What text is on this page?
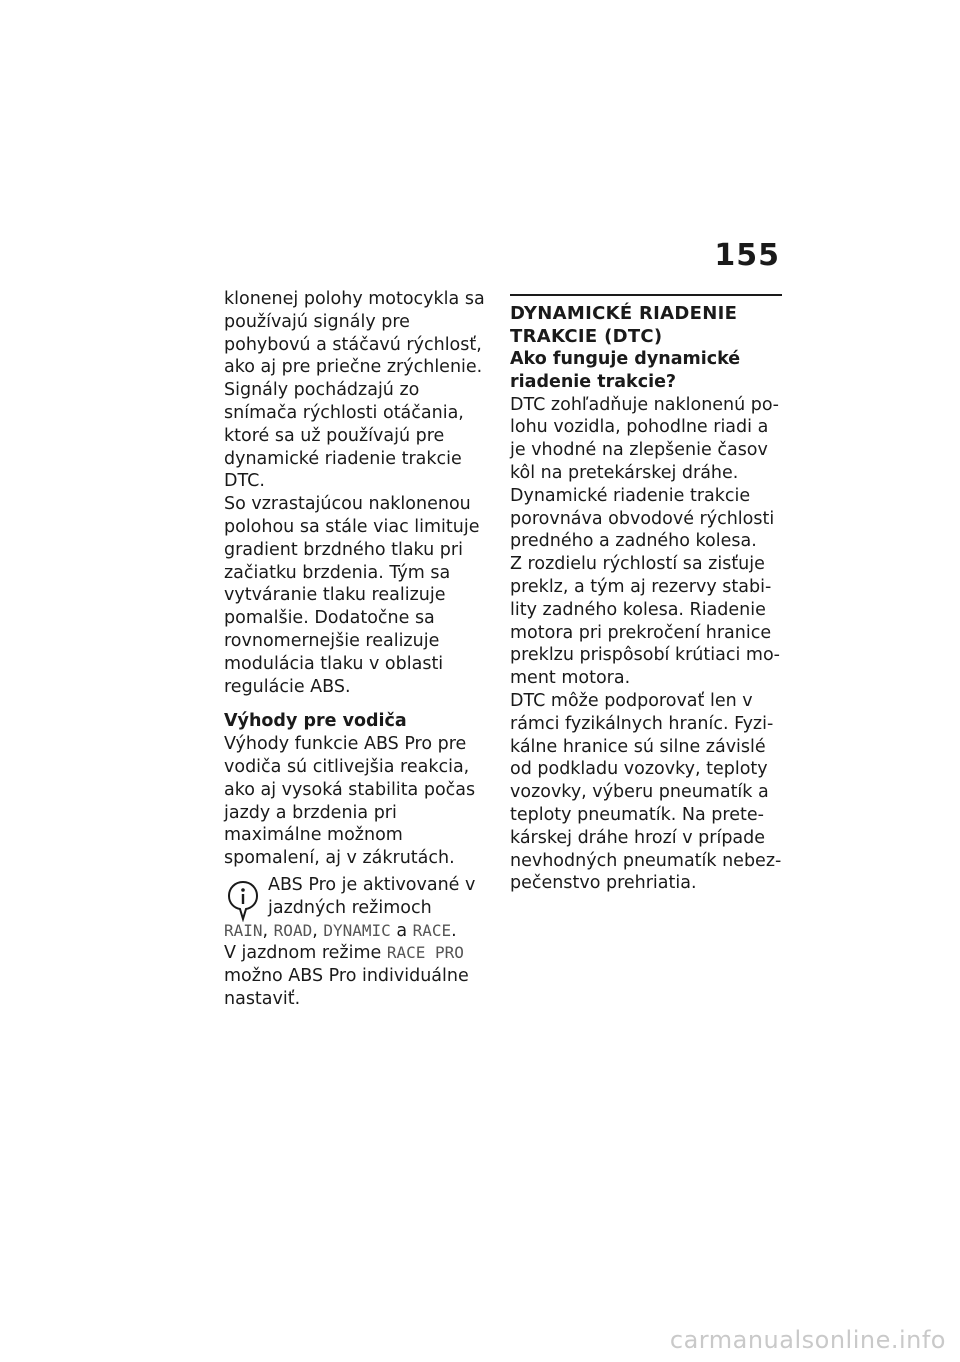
155

klonenej polohy motocykla sa používajú signály pre pohybovú a stáčavú rýchlosť, ako aj pre priečne zrýchlenie. Signály pochádzajú zo snímača rýchlosti otáčania, ktoré sa už používajú pre dynamické riadenie trakcie DTC.

So vzrastajúcou naklonenou polohou sa stále viac limituje gradient brzdného tlaku pri začiatku brzdenia. Tým sa vytváranie tlaku realizuje pomalšie. Dodatočne sa rovnomernejšie realizuje modulácia tlaku v oblasti regulácie ABS.

Výhody pre vodiča

Výhody funkcie ABS Pro pre vodiča sú citlivejšia reakcia, ako aj vysoká stabilita počas jazdy a brzdenia pri maximálne možnom spomalení, aj v zákrutách.

ABS Pro je aktivované v jazdných režimoch

RAIN, ROAD, DYNAMIC a RACE.

V jazdnom režime RACE PRO

možno ABS Pro individuálne nastaviť.

DYNAMICKÉ RIADENIE TRAKCIE (DTC)

Ako funguje dynamické riadenie trakcie?

DTC zohľadňuje naklonenú polohu vozidla, pohodlne riadi a je vhodné na zlepšenie časov kôl na pretekárskej dráhe.

Dynamické riadenie trakcie porovnáva obvodové rýchlosti predného a zadného kolesa.

Z rozdielu rýchlostí sa zisťuje preklz, a tým aj rezervy stability zadného kolesa. Riadenie motora pri prekročení hranice preklzu prispôsobí krútiaci moment motora.

DTC môže podporovať len v rámci fyzikálnych hraníc. Fyzikálne hranice sú silne závislé od podkladu vozovky, teploty vozovky, výberu pneumatík a teploty pneumatík. Na pretekárskej dráhe hrozí v prípade nevhodných pneumatík nebezpečenstvo prehriatia.

carmanualsonline.info
